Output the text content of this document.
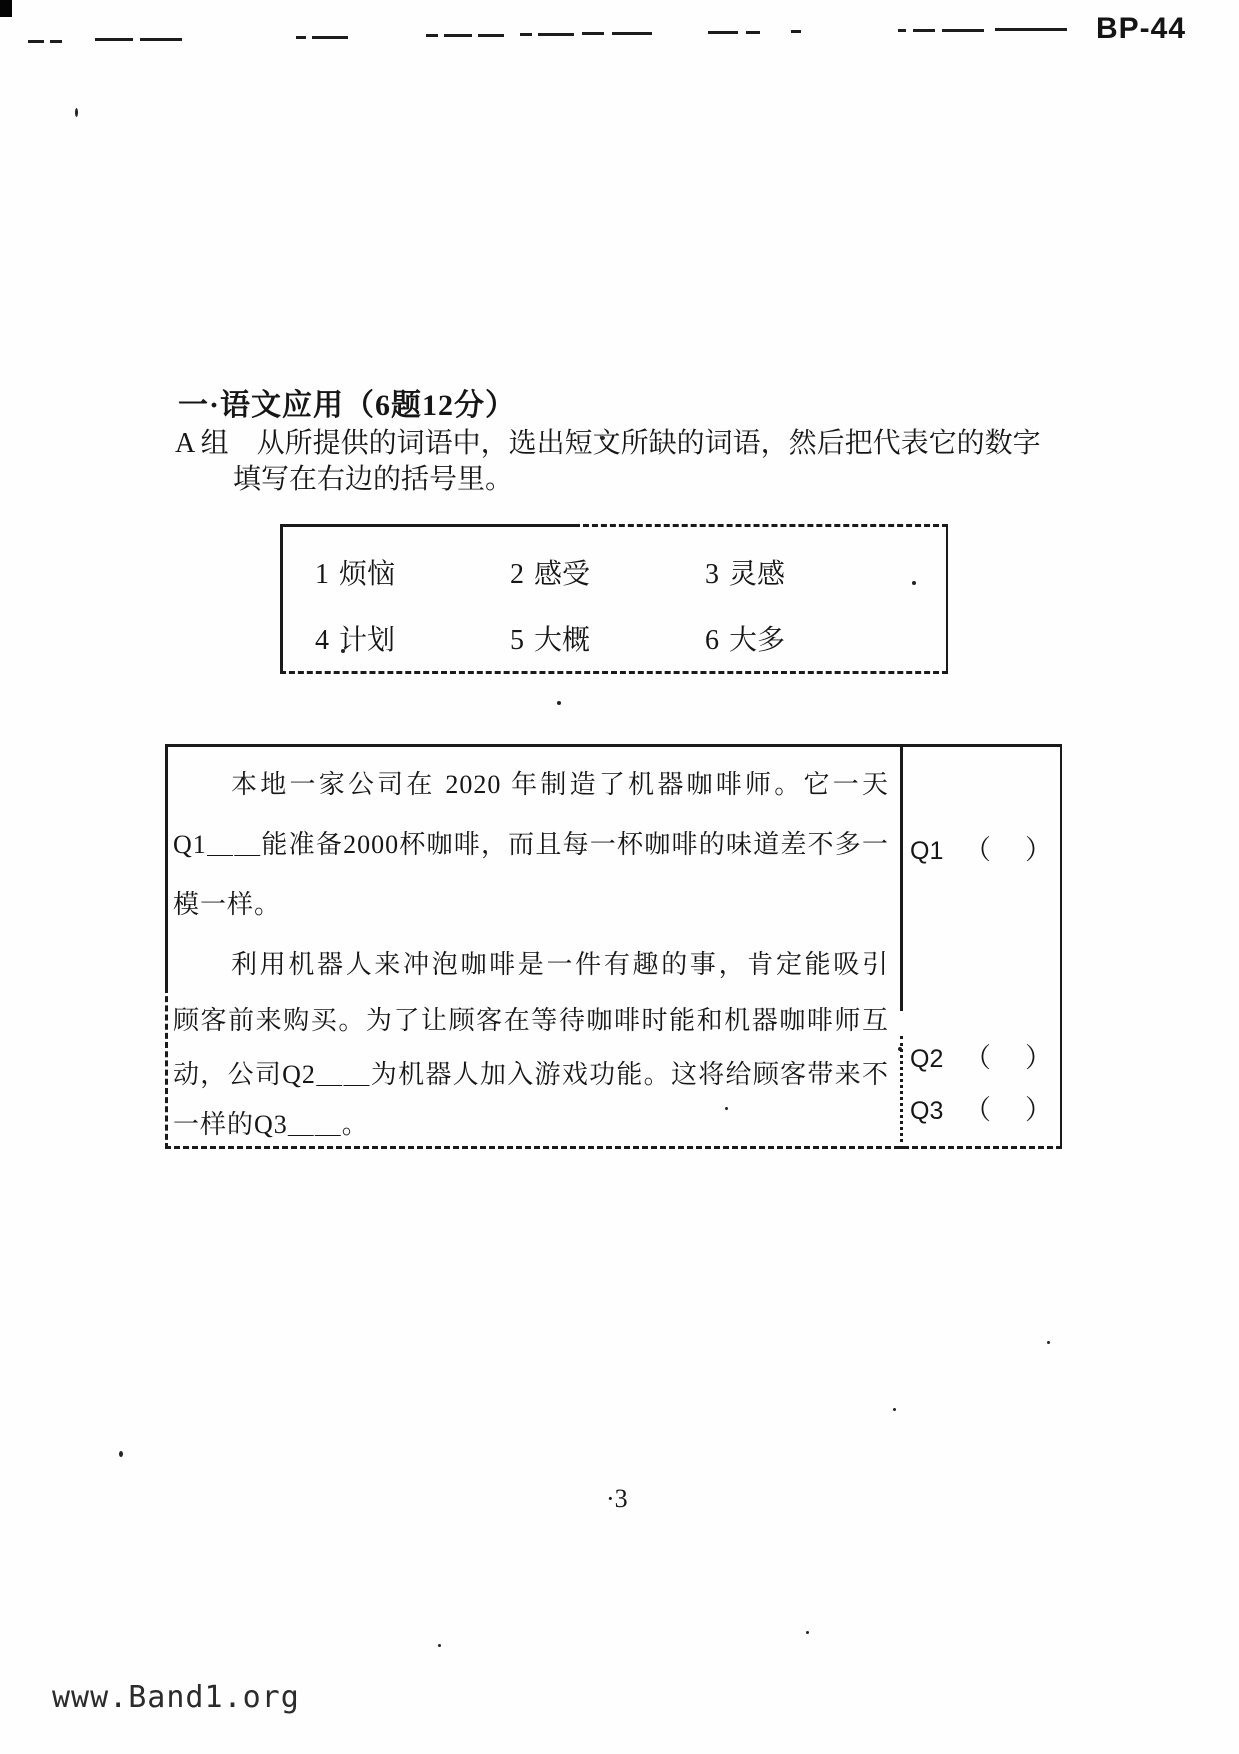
BP-44
一·语文应用（6题12分）
A 组　从所提供的词语中，选出短文所缺的词语，然后把代表它的数字
填写在右边的括号里。
1 烦恼	2 感受	3 灵感
4 计划	5 大概	6 大多
本地一家公司在 2020 年制造了机器咖啡师。它一天
Q1＿＿能准备2000杯咖啡，而且每一杯咖啡的味道差不多一
模一样。
利用机器人来冲泡咖啡是一件有趣的事，肯定能吸引
顾客前来购买。为了让顾客在等待咖啡时能和机器咖啡师互
动，公司Q2＿＿为机器人加入游戏功能。这将给顾客带来不
一样的Q3＿＿。
Q1 （ ）
Q2 （ ）
Q3 （ ）
·3
www.Band1.org
